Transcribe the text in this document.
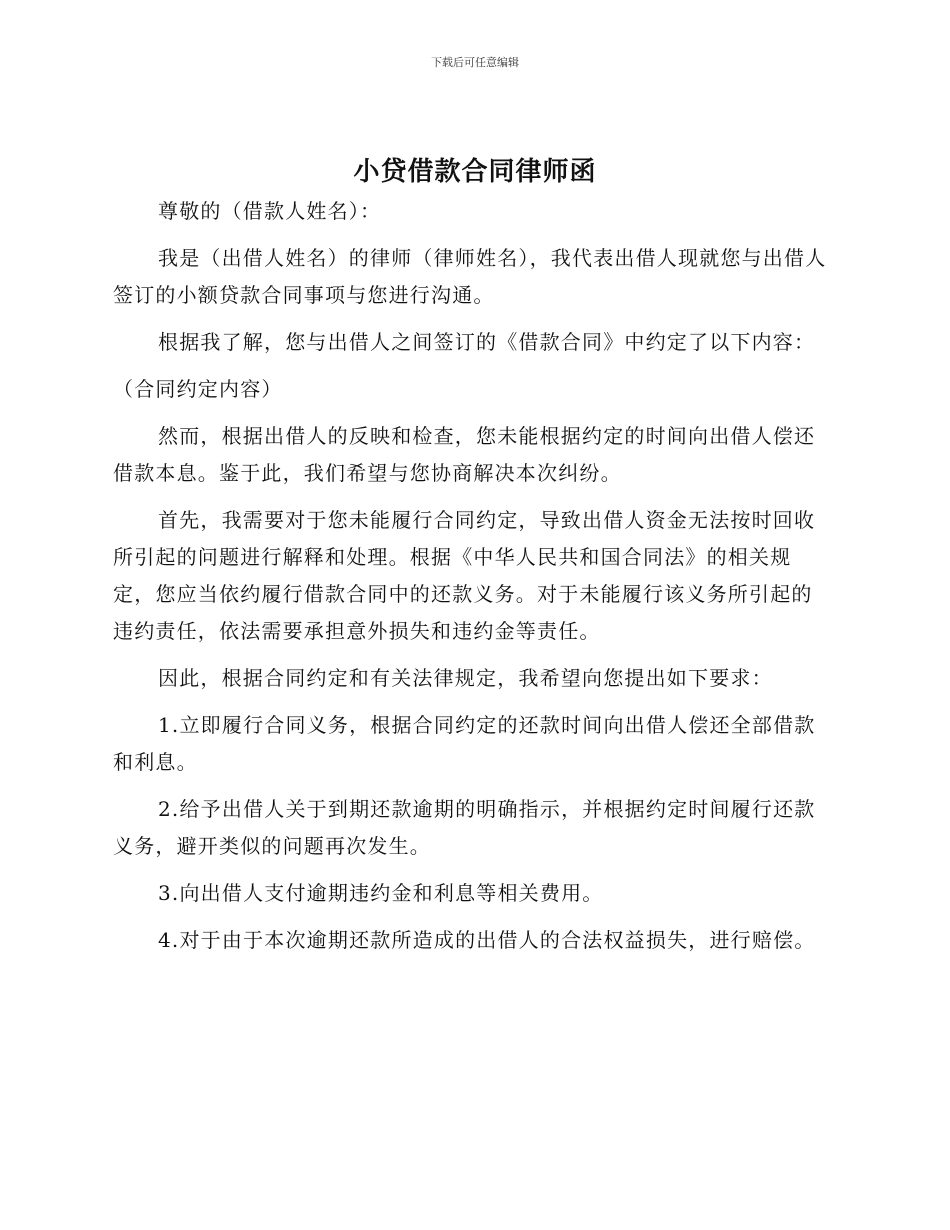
下载后可任意编辑
小贷借款合同律师函

尊敬的（借款人姓名）：

我是（出借人姓名）的律师（律师姓名），我代表出借人现就您与出借人签订的小额贷款合同事项与您进行沟通。

根据我了解，您与出借人之间签订的《借款合同》中约定了以下内容：

（合同约定内容）

然而，根据出借人的反映和检查，您未能根据约定的时间向出借人偿还借款本息。鉴于此，我们希望与您协商解决本次纠纷。

首先，我需要对于您未能履行合同约定，导致出借人资金无法按时回收所引起的问题进行解释和处理。根据《中华人民共和国合同法》的相关规定，您应当依约履行借款合同中的还款义务。对于未能履行该义务所引起的违约责任，依法需要承担意外损失和违约金等责任。

因此，根据合同约定和有关法律规定，我希望向您提出如下要求：

1.立即履行合同义务，根据合同约定的还款时间向出借人偿还全部借款和利息。

2.给予出借人关于到期还款逾期的明确指示，并根据约定时间履行还款义务，避开类似的问题再次发生。

3.向出借人支付逾期违约金和利息等相关费用。

4.对于由于本次逾期还款所造成的出借人的合法权益损失，进行赔偿。
